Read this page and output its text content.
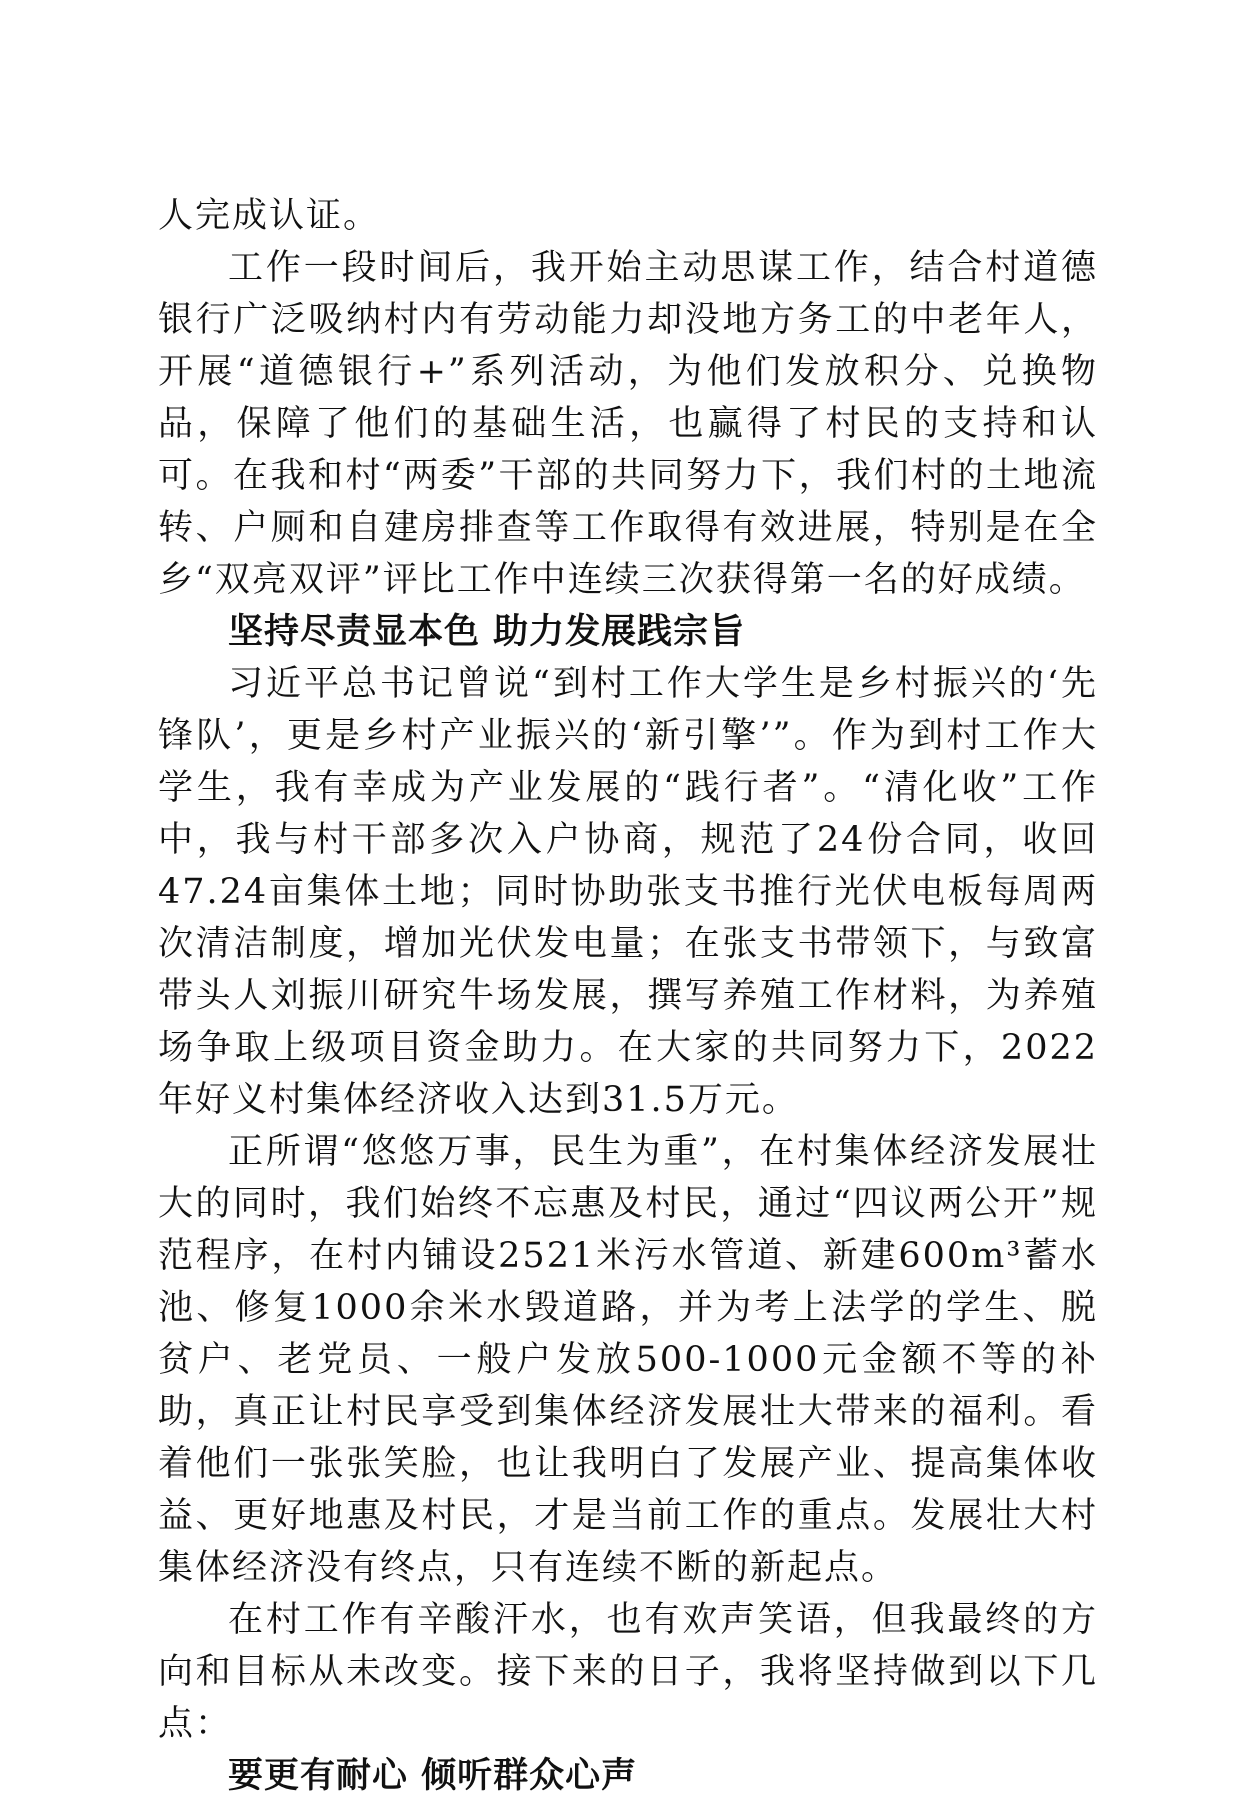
人完成认证。

工作一段时间后，我开始主动思谋工作，结合村道德银行广泛吸纳村内有劳动能力却没地方务工的中老年人，开展“道德银行+”系列活动，为他们发放积分、兑换物品，保障了他们的基础生活，也赢得了村民的支持和认可。在我和村“两委”干部的共同努力下，我们村的土地流转、户厕和自建房排查等工作取得有效进展，特别是在全乡“双亮双评”评比工作中连续三次获得第一名的好成绩。

坚持尽责显本色 助力发展践宗旨

习近平总书记曾说“到村工作大学生是乡村振兴的‘先锋队’，更是乡村产业振兴的‘新引擎’”。作为到村工作大学生，我有幸成为产业发展的“践行者”。“清化收”工作中，我与村干部多次入户协商，规范了24份合同，收回47.24亩集体土地；同时协助张支书推行光伏电板每周两次清洁制度，增加光伏发电量；在张支书带领下，与致富带头人刘振川研究牛场发展，撰写养殖工作材料，为养殖场争取上级项目资金助力。在大家的共同努力下，2022年好义村集体经济收入达到31.5万元。

正所谓“悠悠万事，民生为重”，在村集体经济发展壮大的同时，我们始终不忘惠及村民，通过“四议两公开”规范程序，在村内铺设2521米污水管道、新建600m³蓄水池、修复1000余米水毁道路，并为考上法学的学生、脱贫户、老党员、一般户发放500-1000元金额不等的补助，真正让村民享受到集体经济发展壮大带来的福利。看着他们一张张笑脸，也让我明白了发展产业、提高集体收益、更好地惠及村民，才是当前工作的重点。发展壮大村集体经济没有终点，只有连续不断的新起点。

在村工作有辛酸汗水，也有欢声笑语，但我最终的方向和目标从未改变。接下来的日子，我将坚持做到以下几点：

要更有耐心 倾听群众心声
